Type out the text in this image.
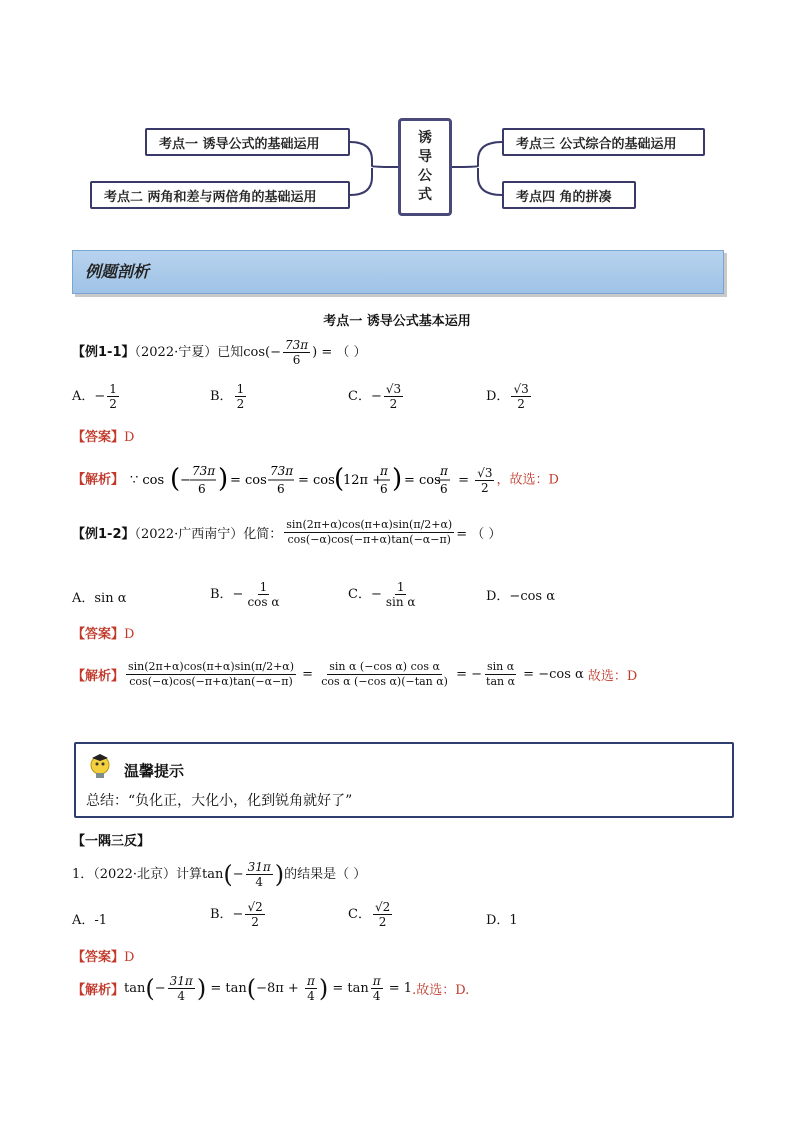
考点一 诱导公式的基础运用
考点二 两角和差与两倍角的基础运用
考点三 公式综合的基础运用
考点四 角的拼凑
诱
导
公
式
例题剖析
考点一 诱导公式基本运用
【例1-1】（2022·宁夏）已知$\cos(- \frac{73\pi}{6}$ ) = （ ）
A．− $\frac{1}{2}$	B． $\frac{1}{2}$	C．− $\frac{√3}{2}$	D． $\frac{√3}{2}$
【答案】D
【解析】 ∵ cos ( −
73π
6 ) = cos
73π
6
= cos (
12π +
π
6 ) = cos
π
6
= $\frac{√3}{2}$ ，故选：D
【例1-2】（2022·广西南宁）化简： $\frac{\sin(2\pi+\alpha)\cos(\pi+\alpha)\sin(\pi/2+\alpha)}{\cos(-\alpha)\cos(-\pi+\alpha)\tan(-\alpha-\pi)}$ = （ ）
A．sin α	B．− $\frac{1}{\text{cos α}}$	C．− $\frac{1}{\text{sin α}}$	D．−cos α
【答案】D
【解析】 $\frac{\sin(2\pi+\alpha)\cos(\pi+\alpha)\sin(\pi/2+\alpha)}{\cos(-\alpha)\cos(-\pi+\alpha)\tan(-\alpha-\pi)} = \frac{\text{sin α (−cos α) cos α}}{\text{cos α (−cos α)(−tan α)}}$ = − $\frac{\text{sin α}}{\text{tan α}} = -\cos$ α 故选：D
温馨提示
总结：“负化正，大化小，化到锐角就好了”
【一隅三反】
1．（2022·北京）计算$\tan(- \frac{31\pi}{4}$ )的结果是（ ）
A．-1	B．− $\frac{√2}{2}$	C． $\frac{√2}{2}$	D．1
【答案】D
【解析】$\tan(- \frac{31\pi}{4}$ ) = $\tan(-8\pi + \frac{\pi}{4}$ ) = $\tan \frac{\pi}{4} = 1$.故选：D.
